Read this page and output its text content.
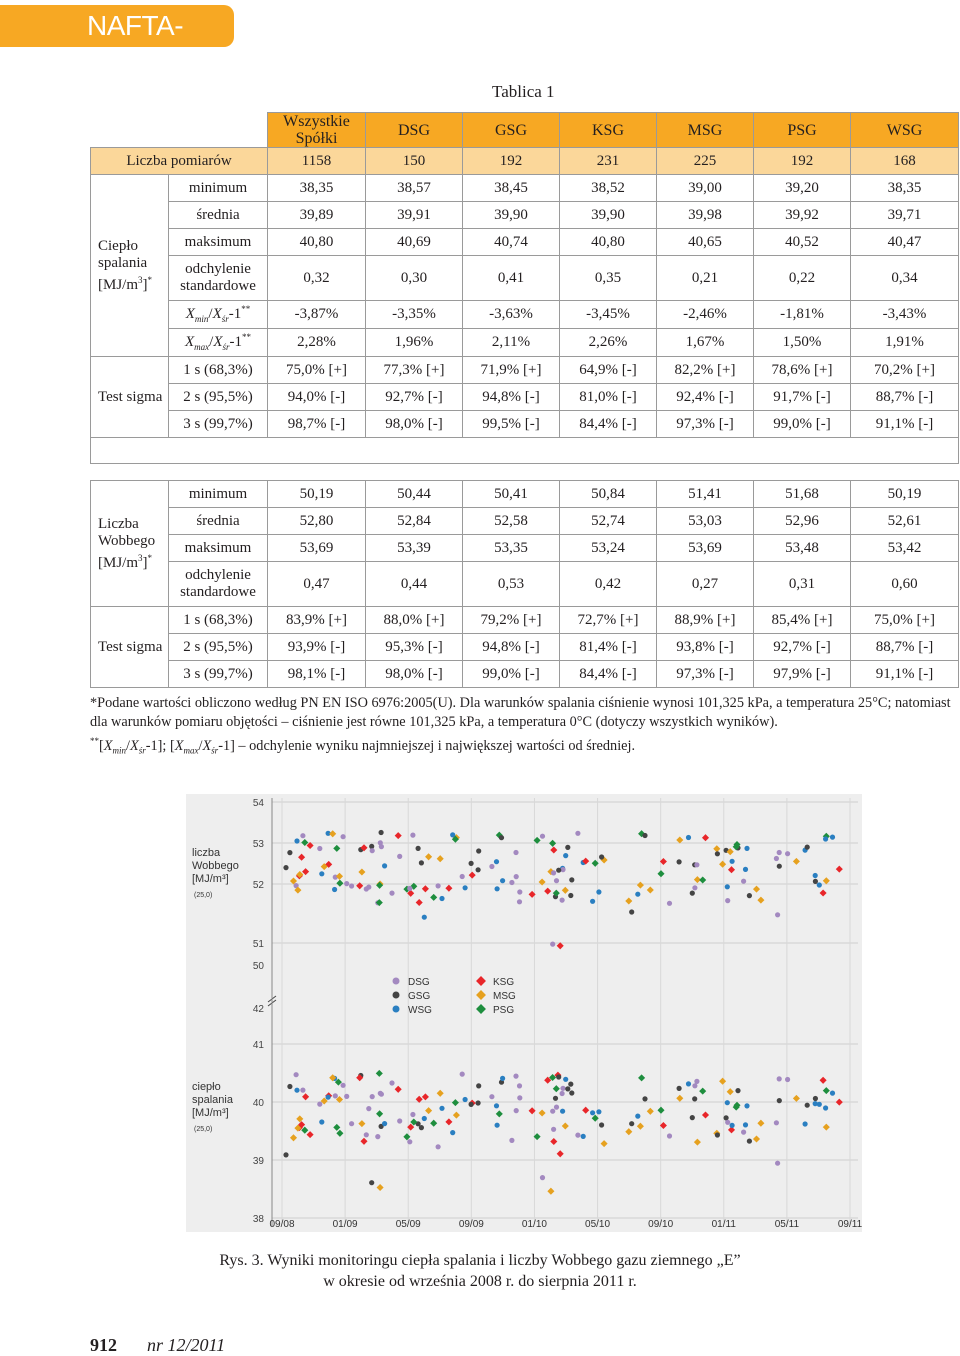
NAFTA-GAZ
Tablica 1
		Wszystkie Spółki	DSG	GSG	KSG	MSG	PSG	WSG
Liczba pomiarów		1158	150	192	231	225	192	168
Ciepło spalania $[MJ/m^3]^*$	minimum	38,35	38,57	38,45	38,52	39,00	39,20	38,35
	średnia	39,89	39,91	39,90	39,90	39,98	39,92	39,71
	maksimum	40,80	40,69	40,74	40,80	40,65	40,52	40,47
	odchylenie standardowe	0,32	0,30	0,41	0,35	0,21	0,22	0,34
	$X_{min}/X_{śr}-1^{**}$	-3,87%	-3,35%	-3,63%	-3,45%	-2,46%	-1,81%	-3,43%
	$X_{max}/X_{śr}-1^{**}$	2,28%	1,96%	2,11%	2,26%	1,67%	1,50%	1,91%
Test sigma	1 s (68,3%)	75,0% [+]	77,3% [+]	71,9% [+]	64,9% [-]	82,2% [+]	78,6% [+]	70,2% [+]
	2 s (95,5%)	94,0% [-]	92,7% [-]	94,8% [-]	81,0% [-]	92,4% [-]	91,7% [-]	88,7% [-]
	3 s (99,7%)	98,7% [-]	98,0% [-]	99,5% [-]	84,4% [-]	97,3% [-]	99,0% [-]	91,1% [-]

Liczba Wobbego $[MJ/m^3]^*$	minimum	50,19	50,44	50,41	50,84	51,41	51,68	50,19
	średnia	52,80	52,84	52,58	52,74	53,03	52,96	52,61
	maksimum	53,69	53,39	53,35	53,24	53,69	53,48	53,42
	odchylenie standardowe	0,47	0,44	0,53	0,42	0,27	0,31	0,60
Test sigma	1 s (68,3%)	83,9% [+]	88,0% [+]	79,2% [+]	72,7% [+]	88,9% [+]	85,4% [+]	75,0% [+]
	2 s (95,5%)	93,9% [-]	95,3% [-]	94,8% [-]	81,4% [-]	93,8% [-]	92,7% [-]	88,7% [-]
	3 s (99,7%)	98,1% [-]	98,0% [-]	99,0% [-]	84,4% [-]	97,3% [-]	97,9% [-]	91,1% [-]
*Podane wartości obliczono według PN EN ISO 6976:2005(U). Dla warunków spalania ciśnienie wynosi 101,325 kPa, a temperatura 25°C; natomiast dla warunków pomiaru objętości – ciśnienie jest równe 101,325 kPa, a temperatura 0°C (dotyczy wszystkich wyników).
$^{**}[X_{min}/X_{śr}-1]$; $[X_{max}/X_{śr}-1]$ – odchylenie wyniku najmniejszej i największej wartości od średniej.
54
53
52
51
50
42
41
40
39
38 09/08	01/09	05/09	09/09	01/10	05/10	09/10	01/11	05/11	09/11
DSG
GSG
WSG
KSG
MSG
PSG
liczba
Wobbego
[MJ/m³]
(25,0)
ciepło
spalania
[MJ/m³]
(25,0)
Rys. 3. Wyniki monitoringu ciepła spalania i liczby Wobbego gazu ziemnego „E”
w okresie od września 2008 r. do sierpnia 2011 r.
912 nr 12/2011
